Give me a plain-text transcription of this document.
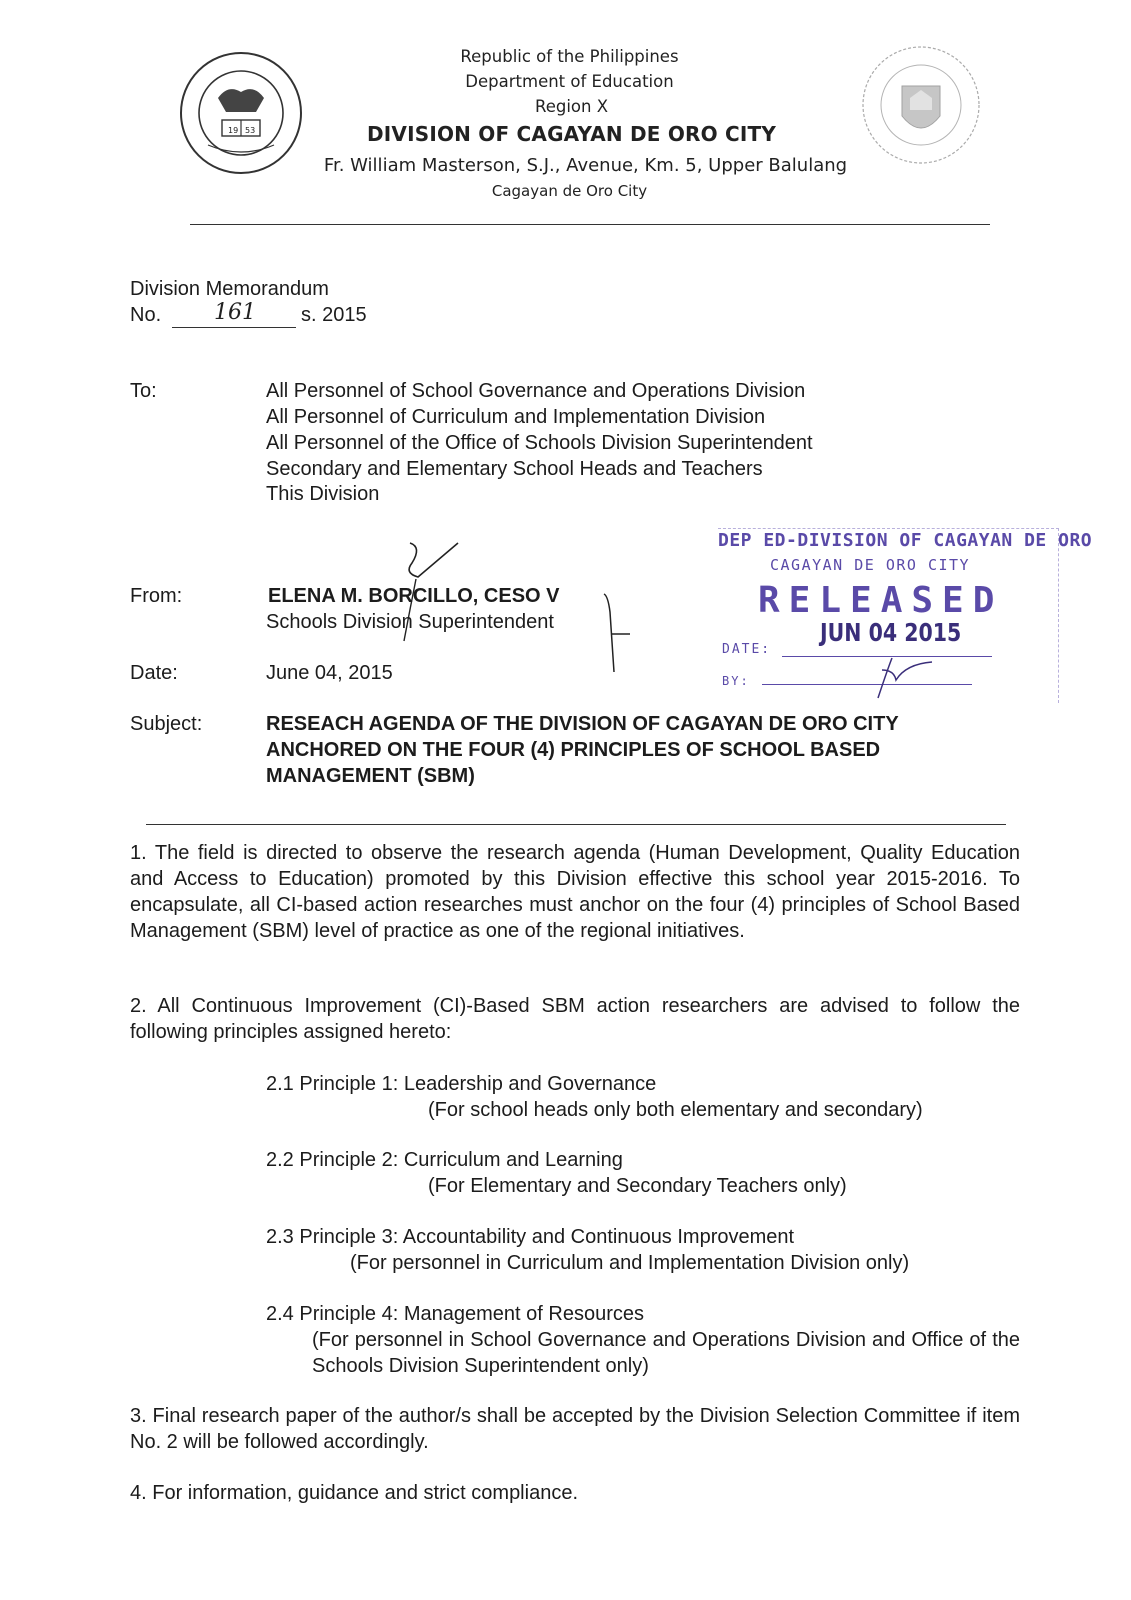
19 53
Republic of the Philippines
Department of Education
Region X
DIVISION OF CAGAYAN DE ORO CITY
Fr. William Masterson, S.J., Avenue, Km. 5, Upper Balulang
Cagayan de Oro City
Division Memorandum
No. 161 s. 2015
To:	All Personnel of School Governance and Operations Division
All Personnel of Curriculum and Implementation Division
All Personnel of the Office of Schools Division Superintendent
Secondary and Elementary School Heads and Teachers
This Division
From:	ELENA M. BORCILLO, CESO V
Schools Division Superintendent
Date:	June 04, 2015
DEP ED-DIVISION OF CAGAYAN DE ORO
CAGAYAN DE ORO CITY
RELEASED
JUN 04 2015
DATE:
BY:
Subject:	RESEACH AGENDA OF THE DIVISION OF CAGAYAN DE ORO CITY
ANCHORED ON THE FOUR (4) PRINCIPLES OF SCHOOL BASED
MANAGEMENT (SBM)

1. The field is directed to observe the research agenda (Human Development, Quality Education and Access to Education) promoted by this Division effective this school year 2015-2016. To encapsulate, all CI-based action researches must anchor on the four (4) principles of School Based Management (SBM) level of practice as one of the regional initiatives.

2. All Continuous Improvement (CI)-Based SBM action researchers are advised to follow the following principles assigned hereto:

2.1 Principle 1: Leadership and Governance
(For school heads only both elementary and secondary)
2.2 Principle 2: Curriculum and Learning
(For Elementary and Secondary Teachers only)
2.3 Principle 3: Accountability and Continuous Improvement
(For personnel in Curriculum and Implementation Division only)
2.4 Principle 4: Management of Resources

(For personnel in School Governance and Operations Division and Office of the Schools Division Superintendent only)

3. Final research paper of the author/s shall be accepted by the Division Selection Committee if item No. 2 will be followed accordingly.

4. For information, guidance and strict compliance.
